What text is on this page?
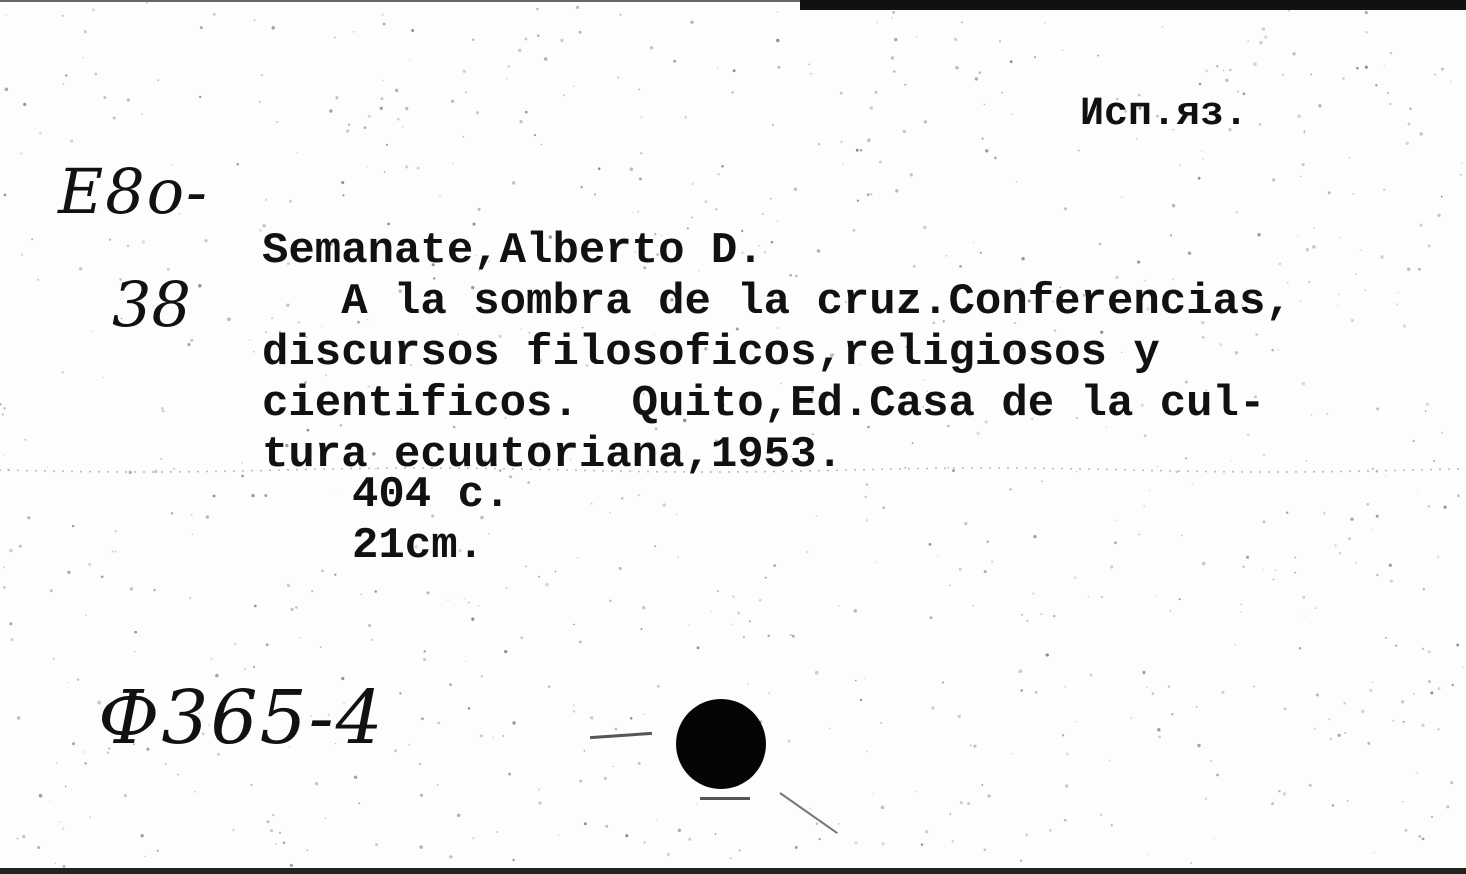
Исп.яз.

E8o-

38

Semanate,Alberto D.

A la sombra de la cruz.Conferencias,

discursos filosoficos,religiosos y

cientificos.  Quito,Ed.Casa de la cul-

tura ecuutoriana,1953.

404 c.

21cm.

Ф365-4
